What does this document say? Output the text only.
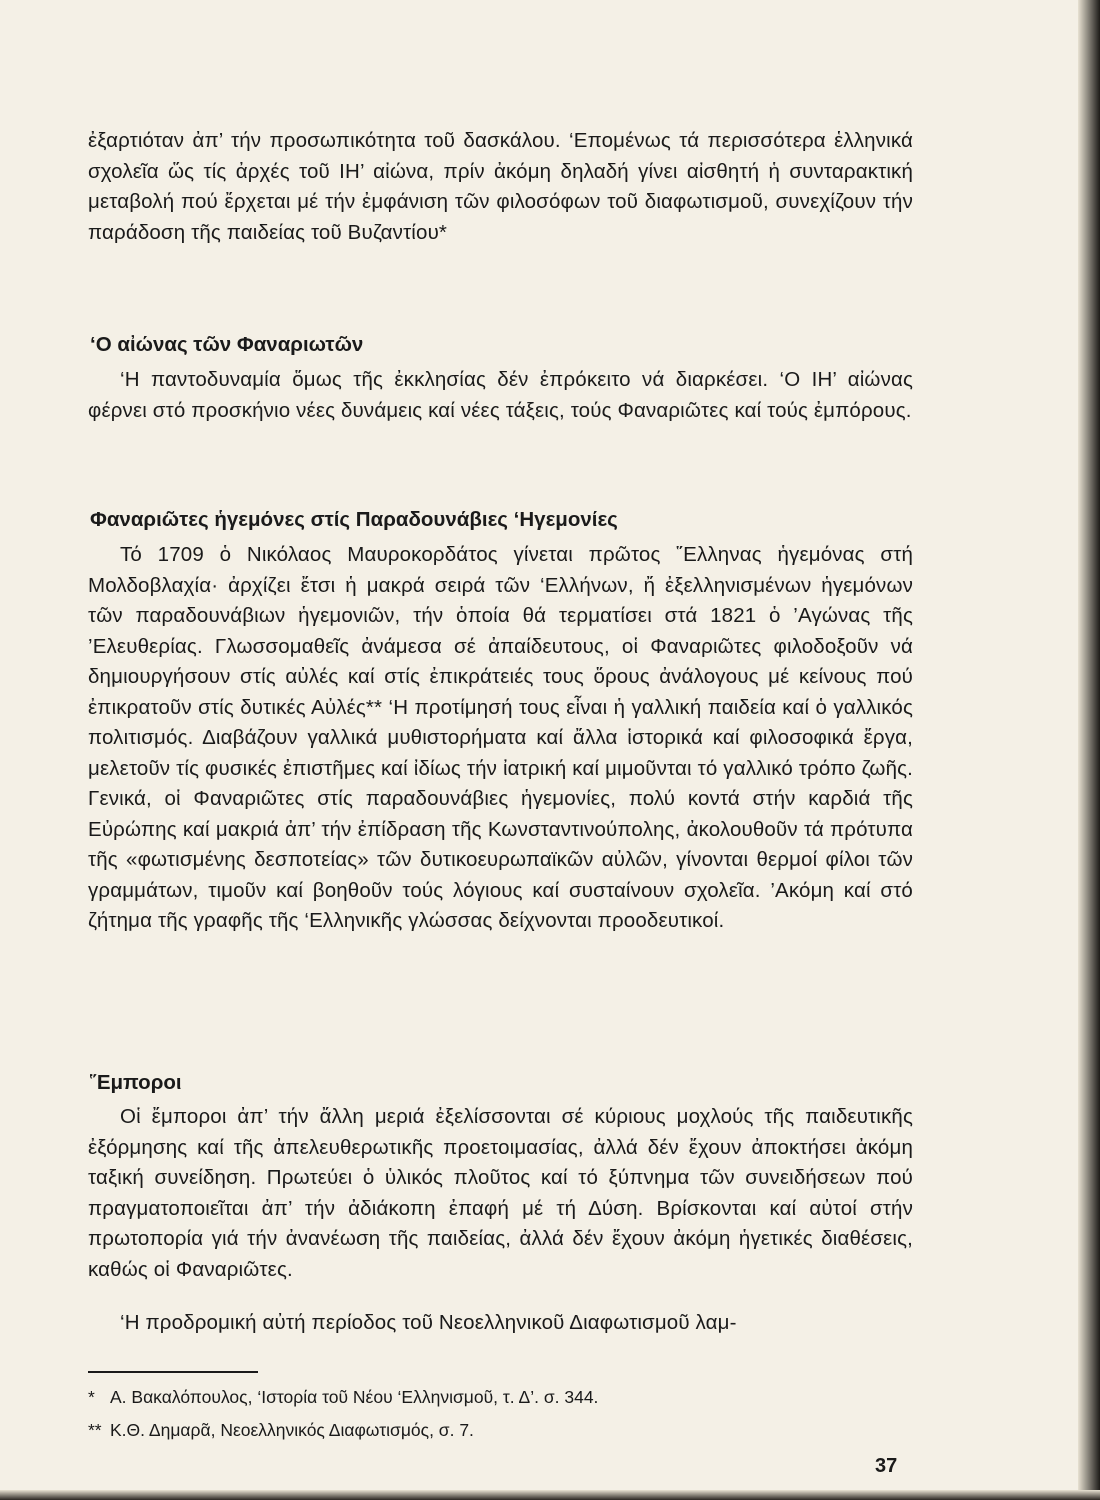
ἐξαρτιόταν ἀπ’ τήν προσωπικότητα τοῦ δασκάλου. ‘Επομένως τά περισσότερα ἑλληνικά σχολεῖα ὥς τίς ἀρχές τοῦ ΙΗ’ αἰώνα, πρίν ἀκόμη δηλαδή γίνει αἰσθητή ἡ συνταρακτική μεταβολή πού ἔρχεται μέ τήν ἐμφάνιση τῶν φιλοσόφων τοῦ διαφωτισμοῦ, συνεχίζουν τήν παράδοση τῆς παιδείας τοῦ Βυζαντίου*

‘Ο αἰώνας τῶν Φαναριωτῶν

‘Η παντοδυναμία ὅμως τῆς ἐκκλησίας δέν ἐπρόκειτο νά διαρκέσει. ‘Ο ΙΗ’ αἰώνας φέρνει στό προσκήνιο νέες δυνάμεις καί νέες τάξεις, τούς Φαναριῶτες καί τούς ἐμπόρους.

Φαναριῶτες ἡγεμόνες στίς Παραδουνάβιες ‘Ηγεμονίες

Τό 1709 ὁ Νικόλαος Μαυροκορδάτος γίνεται πρῶτος ῞Ελληνας ἡγεμόνας στή Μολδοβλαχία· ἀρχίζει ἔτσι ἡ μακρά σειρά τῶν ‘Ελλήνων, ἤ ἐξελληνισμένων ἡγεμόνων τῶν παραδουνάβιων ἡγεμονιῶν, τήν ὁποία θά τερματίσει στά 1821 ὁ ’Αγώνας τῆς ’Ελευθερίας. Γλωσσομαθεῖς ἀνάμεσα σέ ἀπαίδευτους, οἱ Φαναριῶτες φιλοδοξοῦν νά δημιουργήσουν στίς αὐλές καί στίς ἐπικράτειές τους ὅρους ἀνάλογους μέ κείνους πού ἐπικρατοῦν στίς δυτικές Αὐλές** ‘Η προτίμησή τους εἶναι ἡ γαλλική παιδεία καί ὁ γαλλικός πολιτισμός. Διαβάζουν γαλλικά μυθιστορήματα καί ἄλλα ἱστορικά καί φιλοσοφικά ἔργα, μελετοῦν τίς φυσικές ἐπιστῆμες καί ἰδίως τήν ἰατρική καί μιμοῦνται τό γαλλικό τρόπο ζωῆς. Γενικά, οἱ Φαναριῶτες στίς παραδουνάβιες ἡγεμονίες, πολύ κοντά στήν καρδιά τῆς Εὐρώπης καί μακριά ἀπ’ τήν ἐπίδραση τῆς Κωνσταντινούπολης, ἀκολουθοῦν τά πρότυπα τῆς «φωτισμένης δεσποτείας» τῶν δυτικοευρωπαϊκῶν αὐλῶν, γίνονται θερμοί φίλοι τῶν γραμμάτων, τιμοῦν καί βοηθοῦν τούς λόγιους καί συσταίνουν σχολεῖα. ’Ακόμη καί στό ζήτημα τῆς γραφῆς τῆς ‘Ελληνικῆς γλώσσας δείχνονται προοδευτικοί.

῞Εμποροι

Οἱ ἔμποροι ἀπ’ τήν ἄλλη μεριά ἐξελίσσονται σέ κύριους μοχλούς τῆς παιδευτικῆς ἐξόρμησης καί τῆς ἀπελευθερωτικῆς προετοιμασίας, ἀλλά δέν ἔχουν ἀποκτήσει ἀκόμη ταξική συνείδηση. Πρωτεύει ὁ ὑλικός πλοῦτος καί τό ξύπνημα τῶν συνειδήσεων πού πραγματοποιεῖται ἀπ’ τήν ἀδιάκοπη ἐπαφή μέ τή Δύση. Βρίσκονται καί αὐτοί στήν πρωτοπορία γιά τήν ἀνανέωση τῆς παιδείας, ἀλλά δέν ἔχουν ἀκόμη ἡγετικές διαθέσεις, καθώς οἱ Φαναριῶτες.

‘Η προδρομική αὐτή περίοδος τοῦ Νεοελληνικοῦ Διαφωτισμοῦ λαμ-

* Α. Βακαλόπουλος, ‘Ιστορία τοῦ Νέου ‘Ελληνισμοῦ, τ. Δ’. σ. 344.
** Κ.Θ. Δημαρᾶ, Νεοελληνικός Διαφωτισμός, σ. 7.
37
